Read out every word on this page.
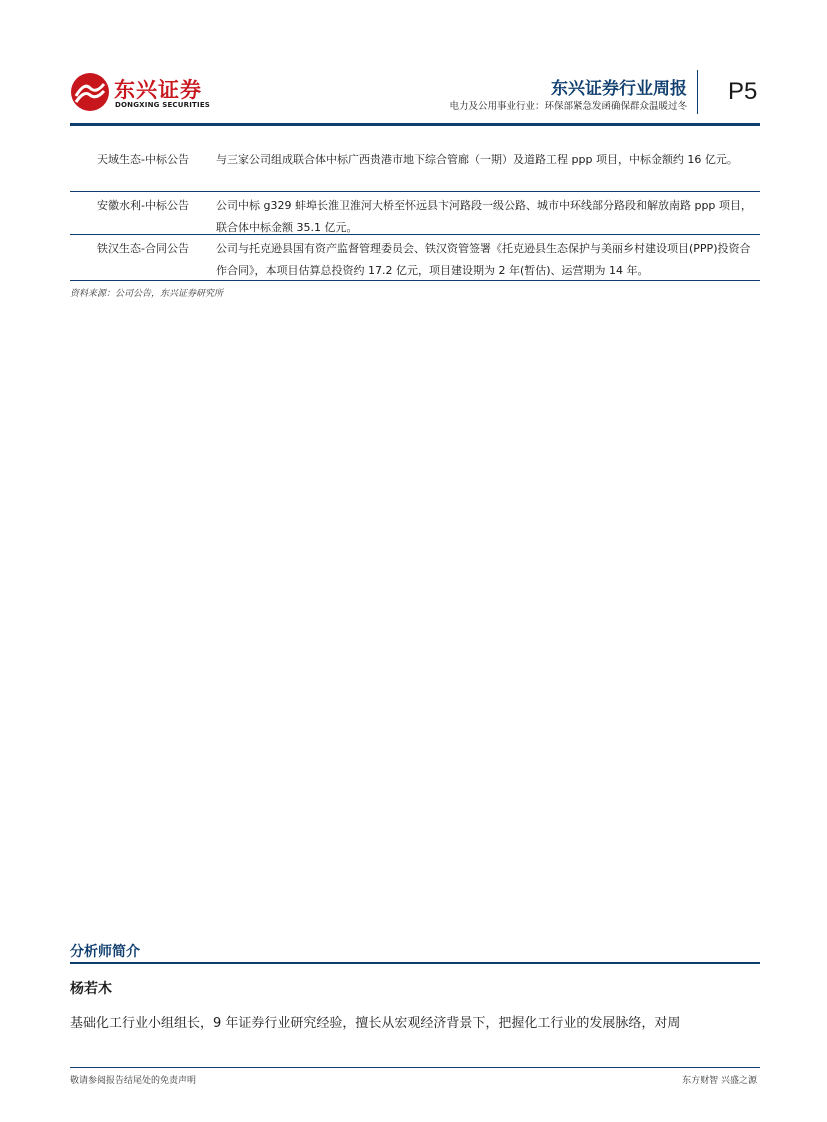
东兴证券
DONGXING SECURITIES
东兴证券行业周报
电力及公用事业行业：环保部紧急发函确保群众温暖过冬
P5
天域生态-中标公告	与三家公司组成联合体中标广西贵港市地下综合管廊（一期）及道路工程 ppp 项目，中标金额约 16 亿元。
安徽水利-中标公告	公司中标 g329 蚌埠长淮卫淮河大桥至怀远县卞河路段一级公路、城市中环线部分路段和解放南路 ppp 项目，联合体中标金额 35.1 亿元。
铁汉生态-合同公告	公司与托克逊县国有资产监督管理委员会、铁汉资管签署《托克逊县生态保护与美丽乡村建设项目(PPP)投资合作合同》，本项目估算总投资约 17.2 亿元，项目建设期为 2 年(暂估)、运营期为 14 年。
资料来源：公司公告，东兴证券研究所
分析师简介
杨若木
基础化工行业小组组长，9 年证券行业研究经验，擅长从宏观经济背景下，把握化工行业的发展脉络，对周
敬请参阅报告结尾处的免责声明	东方财智 兴盛之源
